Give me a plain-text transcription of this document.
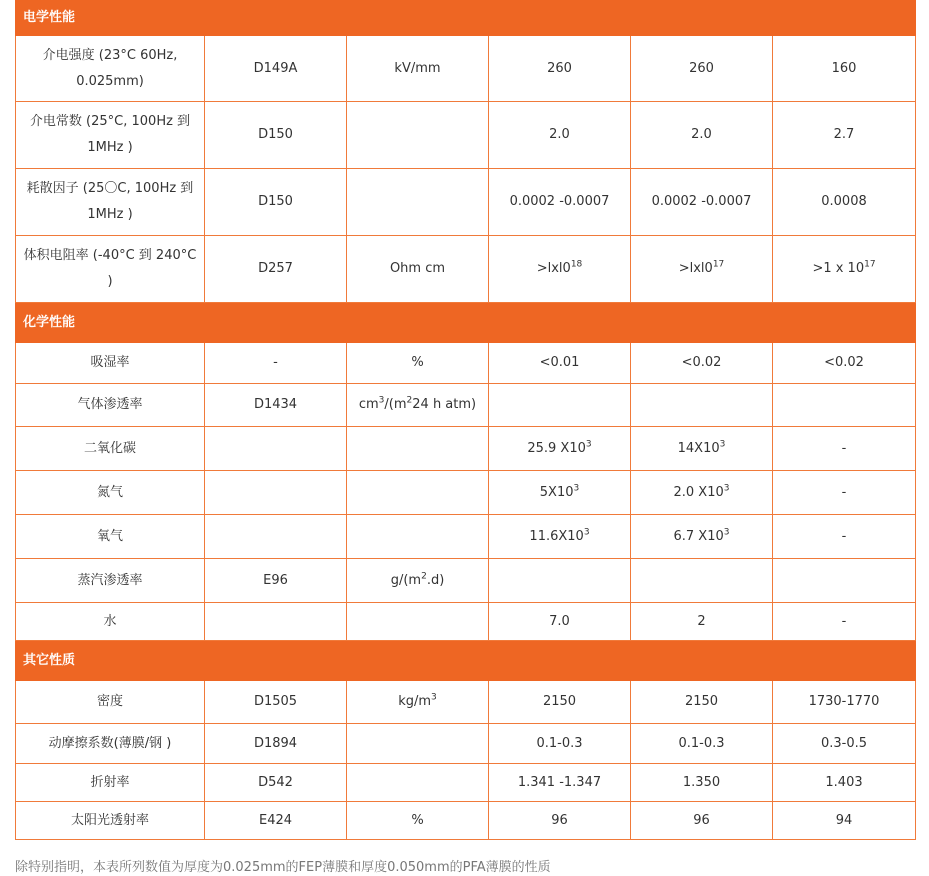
电学性能					
介电强度 (23°C 60Hz, 0.025mm)	D149A	kV/mm	260	260	160
介电常数 (25°C, 100Hz 到 1MHz )	D150		2.0	2.0	2.7
耗散因子 (25〇C, 100Hz 到 1MHz )	D150		0.0002 -0.0007	0.0002 -0.0007	0.0008
体积电阻率 (-40°C 到 240°C )	D257	Ohm cm	$>lxl0^{18}$	$>lxl0^{17}$	>1 x $10^{17}$
化学性能					
吸湿率	-	%	<0.01	<0.02	<0.02
气体渗透率	D1434	$cm^3/(m^224$ h atm)			
二氧化碳			25.9 $X10^3$	$14X10^3$	-
氮气			$5X10^3$	2.0 $X10^3$	-
氧气			$11.6X10^3$	6.7 $X10^3$	-
蒸汽渗透率	E96	$g/(m^2.d)$			
水			7.0	2	-
其它性质					
密度	D1505	$kg/m^3$	2150	2150	1730-1770
动摩擦系数(薄膜/钢 )	D1894		0.1-0.3	0.1-0.3	0.3-0.5
折射率	D542		1.341 -1.347	1.350	1.403
太阳光透射率	E424	%	96	96	94
除特别指明，本表所列数值为厚度为0.025mm的FEP薄膜和厚度0.050mm的PFA薄膜的性质
